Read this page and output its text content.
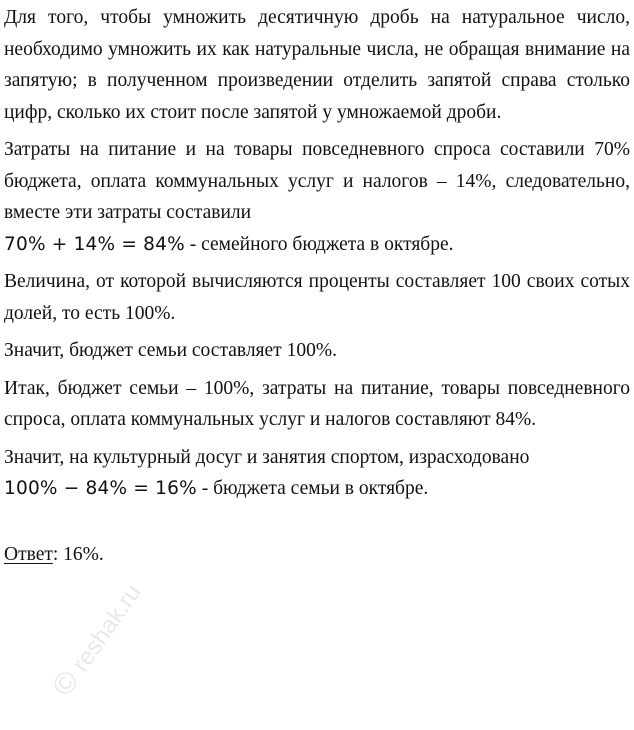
Для того, чтобы умножить десятичную дробь на натуральное число, необходимо умножить их как натуральные числа, не обращая внимание на запятую; в полученном произведении отделить запятой справа столько цифр, сколько их стоит после запятой у умножаемой дроби.

Затраты на питание и на товары повседневного спроса составили 70% бюджета, оплата коммунальных услуг и налогов – 14%, следовательно, вместе эти затраты составили

70% + 14% = 84% - семейного бюджета в октябре.

Величина, от которой вычисляются проценты составляет 100 своих сотых долей, то есть 100%.

Значит, бюджет семьи составляет 100%.

Итак, бюджет семьи – 100%, затраты на питание, товары повседневного спроса, оплата коммунальных услуг и налогов составляют 84%.

Значит, на культурный досуг и занятия спортом, израсходовано

100% − 84% = 16% - бюджета семьи в октябре.

Ответ: 16%.

©
reshak.ru
